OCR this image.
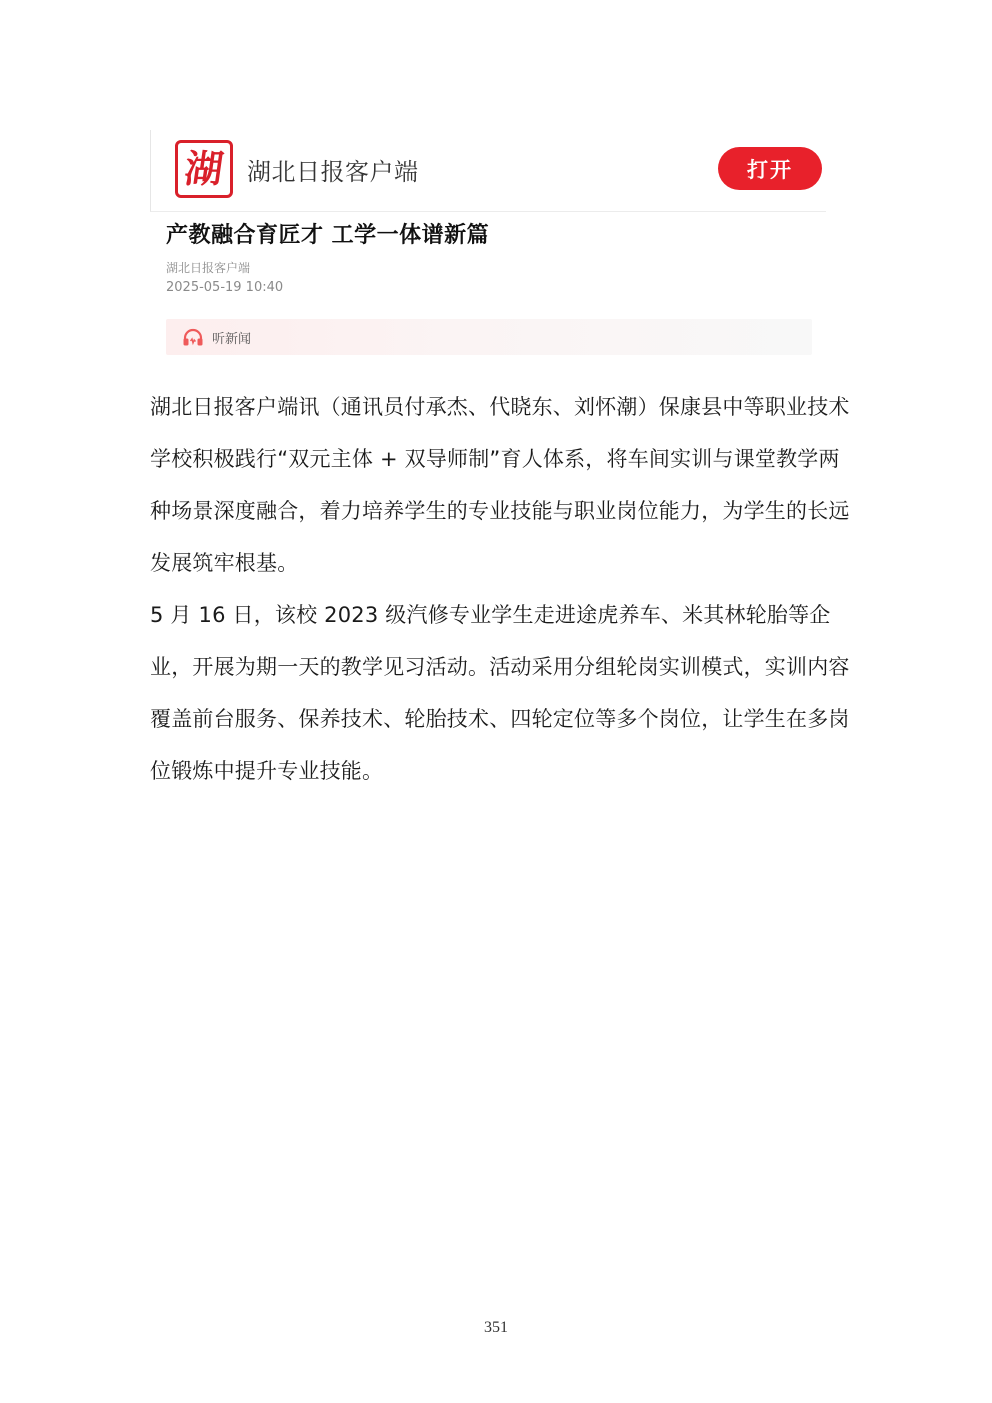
湖 湖北日报客户端	打开
产教融合育匠才 工学一体谱新篇
湖北日报客户端
2025-05-19 10:40
听新闻

湖北日报客户端讯（通讯员付承杰、代晓东、刘怀潮）保康县中等职业技术学校积极践行“双元主体 + 双导师制”育人体系，将车间实训与课堂教学两种场景深度融合，着力培养学生的专业技能与职业岗位能力，为学生的长远发展筑牢根基。

5 月 16 日，该校 2023 级汽修专业学生走进途虎养车、米其林轮胎等企业，开展为期一天的教学见习活动。活动采用分组轮岗实训模式，实训内容覆盖前台服务、保养技术、轮胎技术、四轮定位等多个岗位，让学生在多岗位锻炼中提升专业技能。

351
